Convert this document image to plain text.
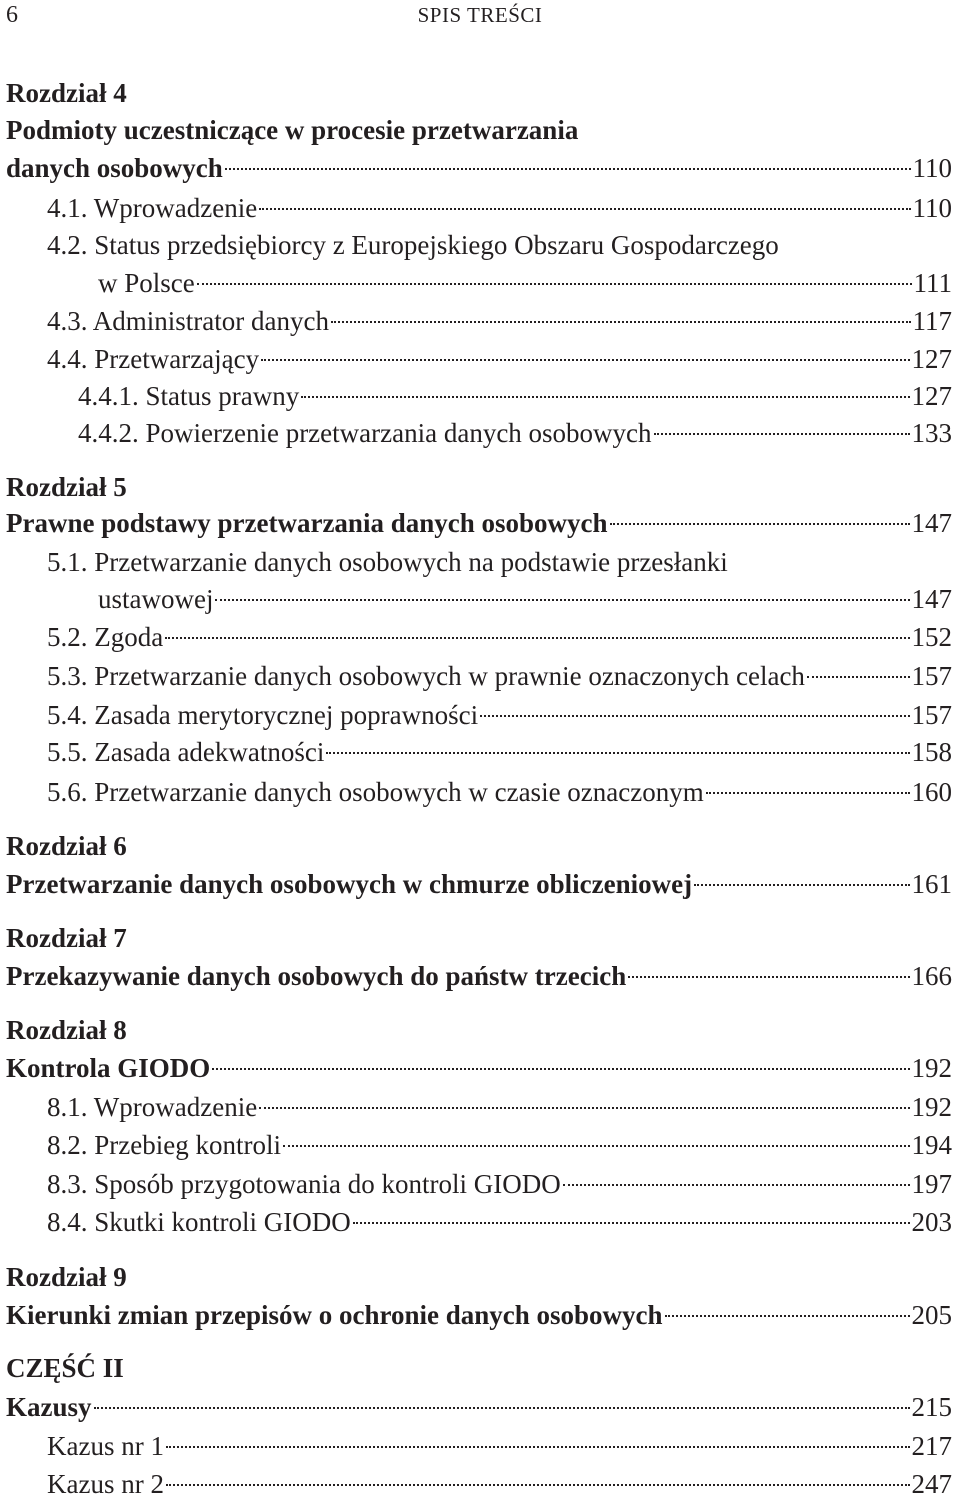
6	SPIS TREŚCI
Rozdział 4
Podmioty uczestniczące w procesie przetwarzania
danych osobowych	110
4.1. Wprowadzenie	110
4.2. Status przedsiębiorcy z Europejskiego Obszaru Gospodarczego
w Polsce	111
4.3. Administrator danych	117
4.4. Przetwarzający	127
4.4.1. Status prawny	127
4.4.2. Powierzenie przetwarzania danych osobowych	133
Rozdział 5
Prawne podstawy przetwarzania danych osobowych	147
5.1. Przetwarzanie danych osobowych na podstawie przesłanki
ustawowej	147
5.2. Zgoda	152
5.3. Przetwarzanie danych osobowych w prawnie oznaczonych celach	157
5.4. Zasada merytorycznej poprawności	157
5.5. Zasada adekwatności	158
5.6. Przetwarzanie danych osobowych w czasie oznaczonym	160
Rozdział 6
Przetwarzanie danych osobowych w chmurze obliczeniowej	161
Rozdział 7
Przekazywanie danych osobowych do państw trzecich	166
Rozdział 8
Kontrola GIODO	192
8.1. Wprowadzenie	192
8.2. Przebieg kontroli	194
8.3. Sposób przygotowania do kontroli GIODO	197
8.4. Skutki kontroli GIODO	203
Rozdział 9
Kierunki zmian przepisów o ochronie danych osobowych	205
CZĘŚĆ II
Kazusy	215
Kazus nr 1	217
Kazus nr 2	247
